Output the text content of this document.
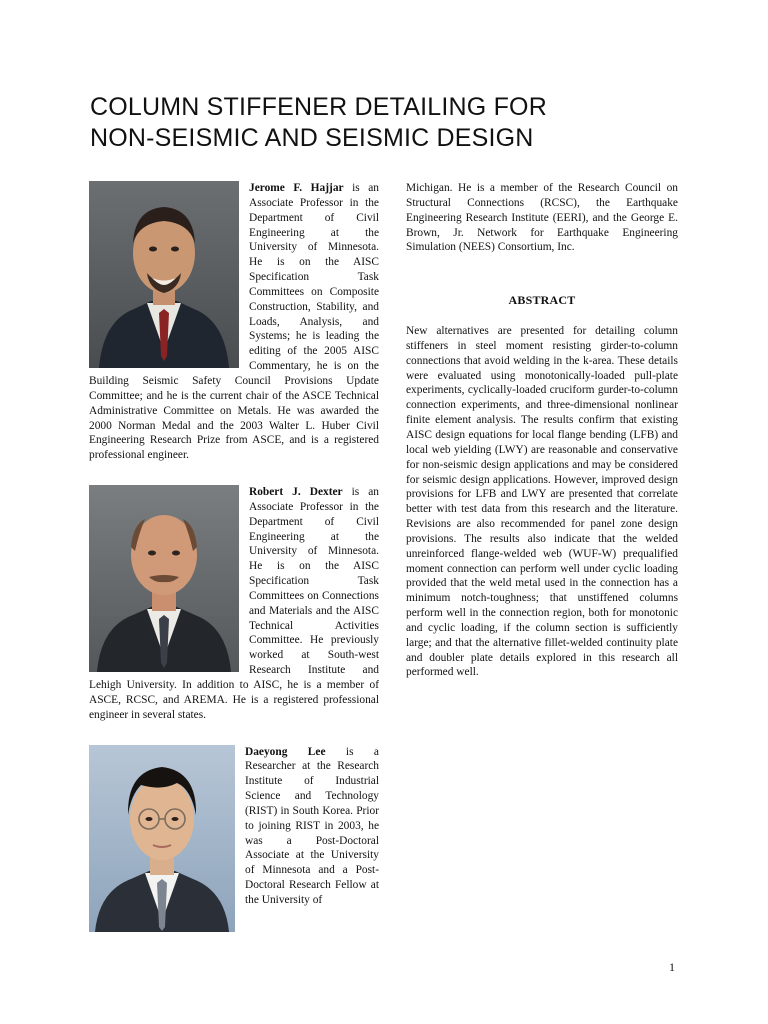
COLUMN STIFFENER DETAILING FOR
NON-SEISMIC AND SEISMIC DESIGN

Jerome F. Hajjar is an Associate Professor in the Department of Civil Engineering at the University of Minnesota. He is on the AISC Specification Task Committees on Composite Construction, Stability, and Loads, Analysis, and Systems; he is leading the editing of the 2005 AISC Commentary, he is on the Building Seismic Safety Council Provisions Update Committee; and he is the current chair of the ASCE Technical Administrative Committee on Metals. He was awarded the 2000 Norman Medal and the 2003 Walter L. Huber Civil Engineering Research Prize from ASCE, and is a registered professional engineer.

Robert J. Dexter is an Associate Professor in the Department of Civil Engineering at the University of Minnesota. He is on the AISC Specification Task Committees on Connections and Materials and the AISC Technical Activities Committee. He previously worked at South-west Research Institute and Lehigh University. In addition to AISC, he is a member of ASCE, RCSC, and AREMA. He is a registered professional engineer in several states.

Daeyong Lee is a Researcher at the Research Institute of Industrial Science and Technology (RIST) in South Korea. Prior to joining RIST in 2003, he was a Post-Doctoral Associate at the University of Minnesota and a Post-Doctoral Research Fellow at the University of

Michigan. He is a member of the Research Council on Structural Connections (RCSC), the Earthquake Engineering Research Institute (EERI), and the George E. Brown, Jr. Network for Earthquake Engineering Simulation (NEES) Consortium, Inc.

ABSTRACT

New alternatives are presented for detailing column stiffeners in steel moment resisting girder-to-column connections that avoid welding in the k-area. These details were evaluated using monotonically-loaded pull-plate experiments, cyclically-loaded cruciform gurder-to-column connection experiments, and three-dimensional nonlinear finite element analysis. The results confirm that existing AISC design equations for local flange bending (LFB) and local web yielding (LWY) are reasonable and conservative for non-seismic design applications and may be considered for seismic design applications. However, improved design provisions for LFB and LWY are presented that correlate better with test data from this research and the literature. Revisions are also recommended for panel zone design provisions. The results also indicate that the welded unreinforced flange-welded web (WUF-W) prequalified moment connection can perform well under cyclic loading provided that the weld metal used in the connection has a minimum notch-toughness; that unstiffened columns perform well in the connection region, both for monotonic and cyclic loading, if the column section is sufficiently large; and that the alternative fillet-welded continuity plate and doubler plate details explored in this research all performed well.

1
